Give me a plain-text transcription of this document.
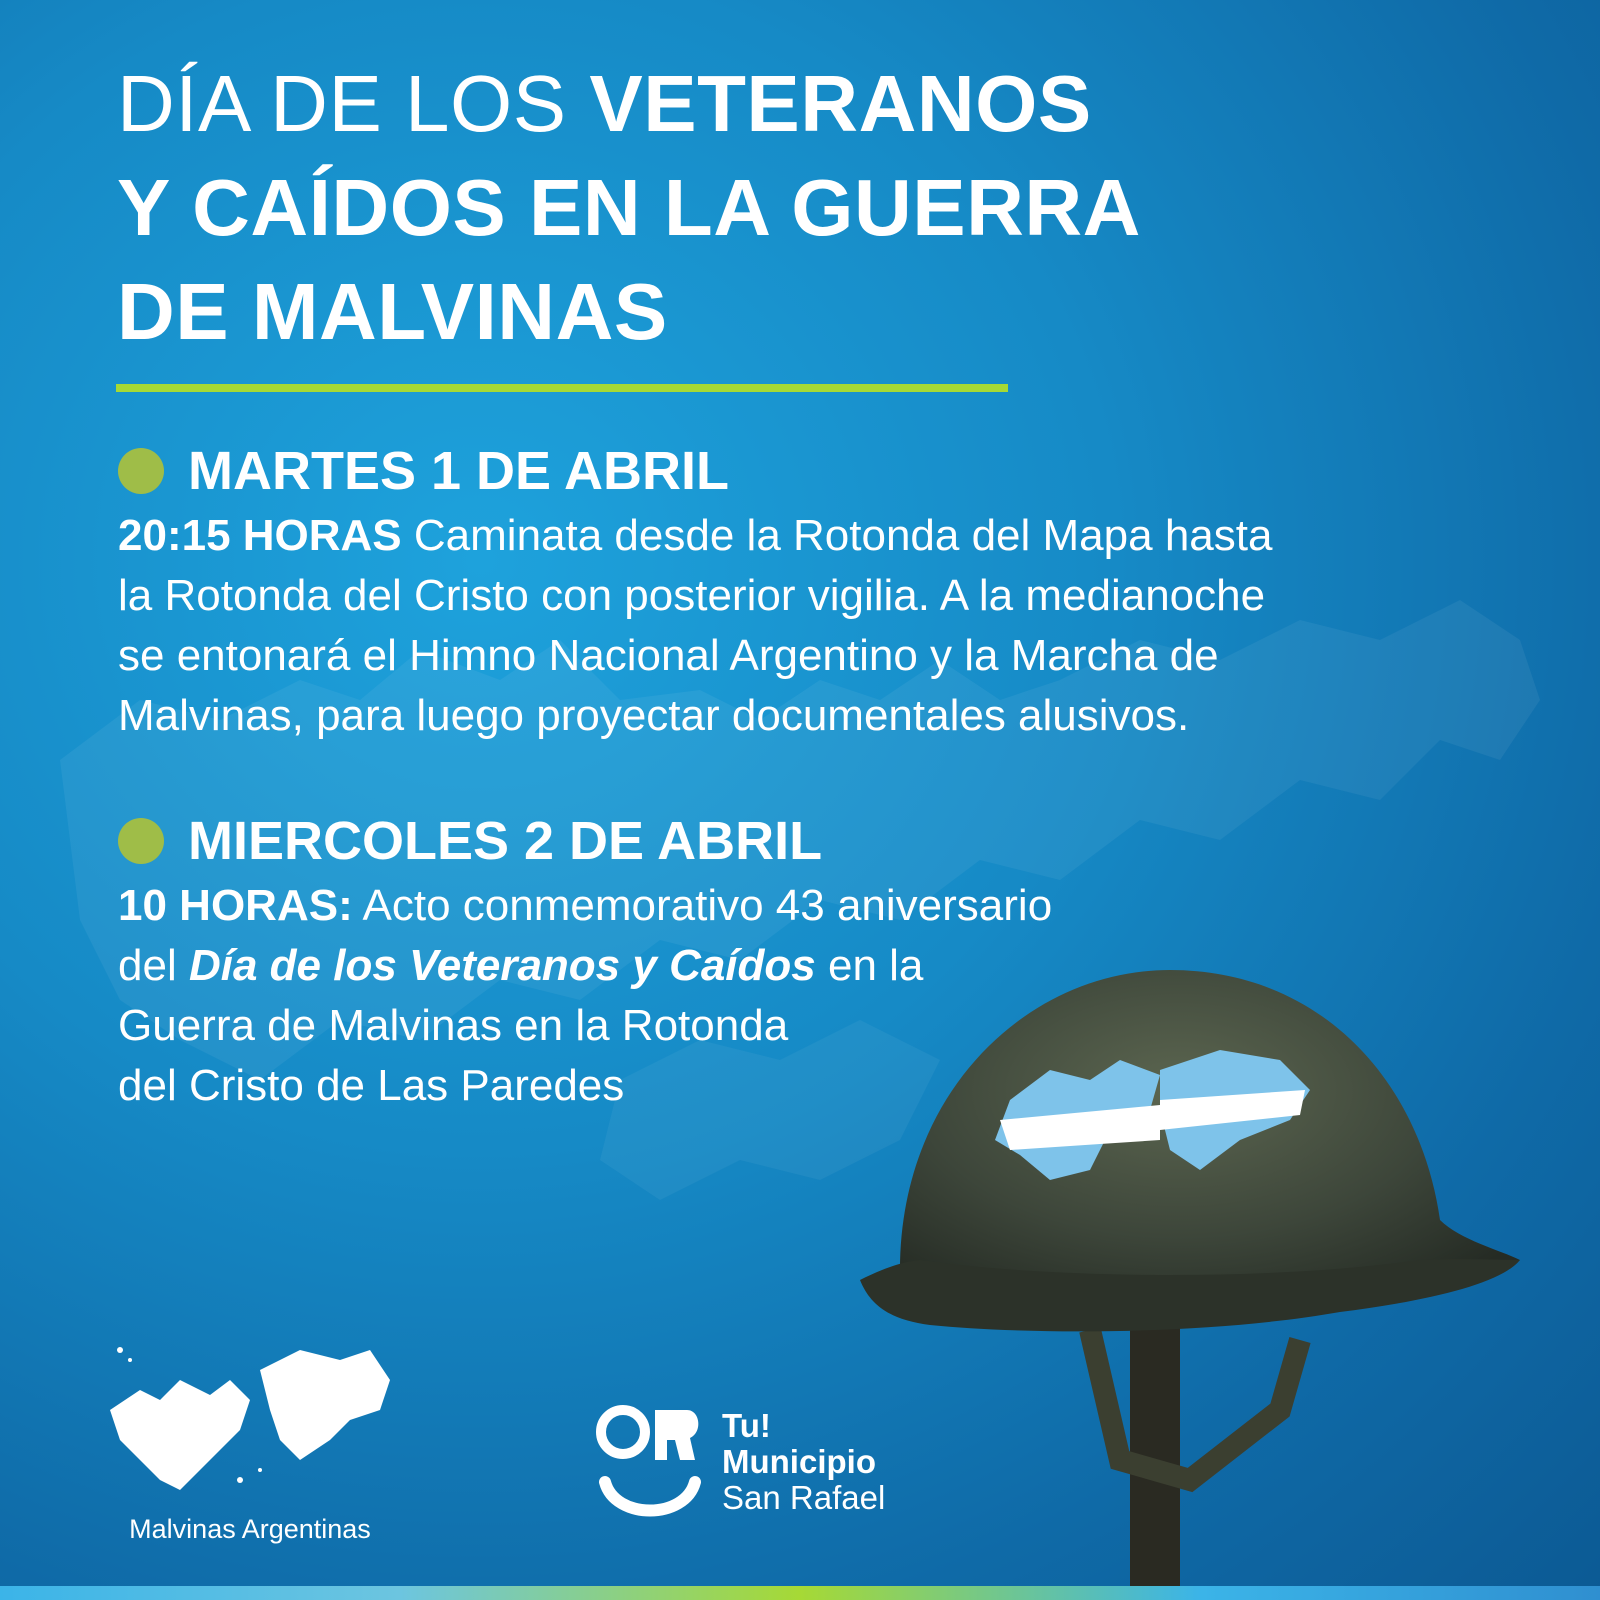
DÍA DE LOS VETERANOS
Y CAÍDOS EN LA GUERRA
DE MALVINAS
MARTES 1 DE ABRIL
20:15 HORAS Caminata desde la Rotonda del Mapa hasta
la Rotonda del Cristo con posterior vigilia. A la medianoche
se entonará el Himno Nacional Argentino y la Marcha de
Malvinas, para luego proyectar documentales alusivos.
MIERCOLES 2 DE ABRIL
10 HORAS: Acto conmemorativo 43 aniversario
del Día de los Veteranos y Caídos en la
Guerra de Malvinas en la Rotonda
del Cristo de Las Paredes
Malvinas Argentinas
Tu!
Municipio
San Rafael
